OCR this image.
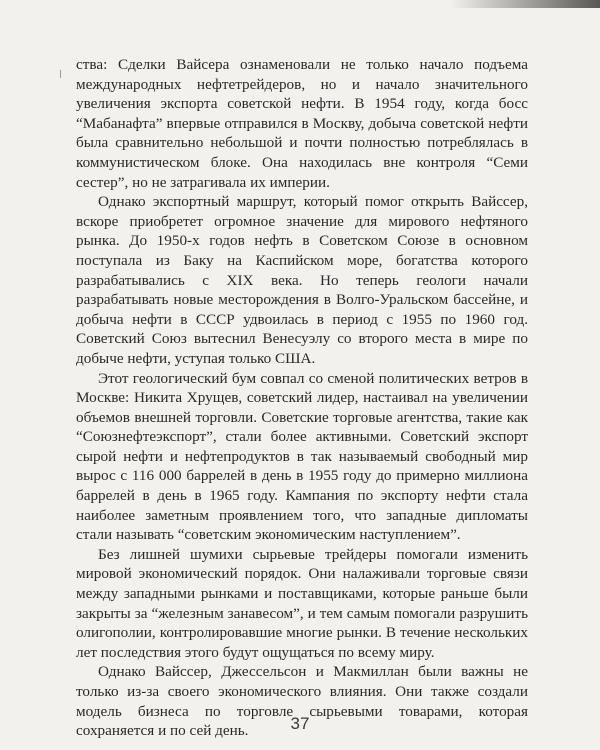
ства: Сделки Вайсера ознаменовали не только начало подъема международных нефтетрейдеров, но и начало значительного увеличения экспорта советской нефти. В 1954 году, когда босс “Мабанафта” впервые отправился в Москву, добыча советской нефти была сравнительно небольшой и почти полностью потреблялась в коммунистическом блоке. Она находилась вне контроля “Семи сестер”, но не затрагивала их империи.

Однако экспортный маршрут, который помог открыть Вайссер, вскоре приобретет огромное значение для мирового нефтяного рынка. До 1950-х годов нефть в Советском Союзе в основном поступала из Баку на Каспийском море, богатства которого разрабатывались с XIX века. Но теперь геологи начали разрабатывать новые месторождения в Волго-Уральском бассейне, и добыча нефти в СССР удвоилась в период с 1955 по 1960 год. Советский Союз вытеснил Венесуэлу со второго места в мире по добыче нефти, уступая только США.

Этот геологический бум совпал со сменой политических ветров в Москве: Никита Хрущев, советский лидер, настаивал на увеличении объемов внешней торговли. Советские торговые агентства, такие как “Союзнефтеэкспорт”, стали более активными. Советский экспорт сырой нефти и нефтепродуктов в так называемый свободный мир вырос с 116 000 баррелей в день в 1955 году до примерно миллиона баррелей в день в 1965 году. Кампания по экспорту нефти стала наиболее заметным проявлением того, что западные дипломаты стали называть “советским экономическим наступлением”.

Без лишней шумихи сырьевые трейдеры помогали изменить мировой экономический порядок. Они налаживали торговые связи между западными рынками и поставщиками, которые раньше были закрыты за “железным занавесом”, и тем самым помогали разрушить олигополии, контролировавшие многие рынки. В течение нескольких лет последствия этого будут ощущаться по всему миру.

Однако Вайссер, Джессельсон и Макмиллан были важны не только из-за своего экономического влияния. Они также создали модель бизнеса по торговле сырьевыми товарами, которая сохраняется и по сей день.	37
